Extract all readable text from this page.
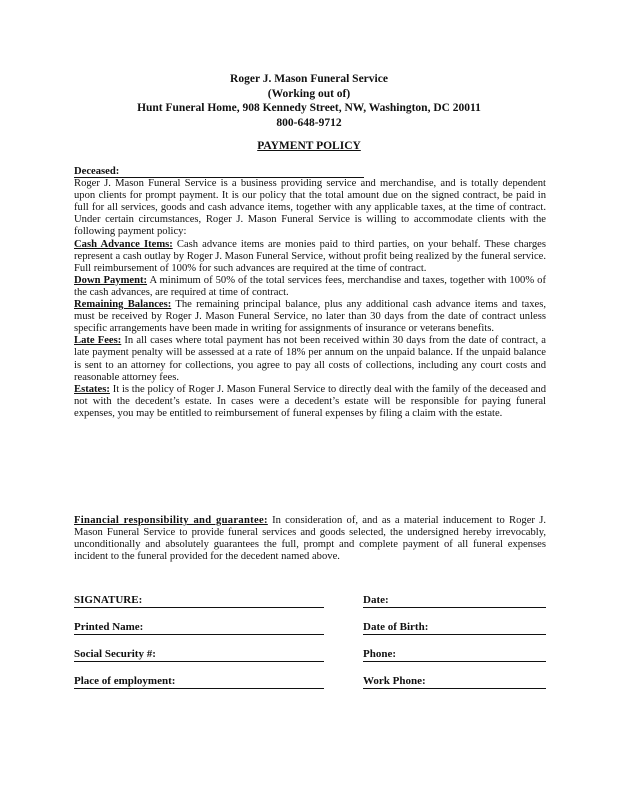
Roger J. Mason Funeral Service
(Working out of)
Hunt Funeral Home, 908 Kennedy Street, NW, Washington, DC 20011
800-648-9712
PAYMENT POLICY

Deceased:

Roger J. Mason Funeral Service is a business providing service and merchandise, and is totally dependent upon clients for prompt payment. It is our policy that the total amount due on the signed contract, be paid in full for all services, goods and cash advance items, together with any applicable taxes, at the time of contract. Under certain circumstances, Roger J. Mason Funeral Service is willing to accommodate clients with the following payment policy:

Cash Advance Items: Cash advance items are monies paid to third parties, on your behalf. These charges represent a cash outlay by Roger J. Mason Funeral Service, without profit being realized by the funeral service. Full reimbursement of 100% for such advances are required at the time of contract.

Down Payment: A minimum of 50% of the total services fees, merchandise and taxes, together with 100% of the cash advances, are required at time of contract.

Remaining Balances: The remaining principal balance, plus any additional cash advance items and taxes, must be received by Roger J. Mason Funeral Service, no later than 30 days from the date of contract unless specific arrangements have been made in writing for assignments of insurance or veterans benefits.

Late Fees: In all cases where total payment has not been received within 30 days from the date of contract, a late payment penalty will be assessed at a rate of 18% per annum on the unpaid balance. If the unpaid balance is sent to an attorney for collections, you agree to pay all costs of collections, including any court costs and reasonable attorney fees.

Estates: It is the policy of Roger J. Mason Funeral Service to directly deal with the family of the deceased and not with the decedent’s estate. In cases were a decedent’s estate will be responsible for paying funeral expenses, you may be entitled to reimbursement of funeral expenses by filing a claim with the estate.

Financial responsibility and guarantee: In consideration of, and as a material inducement to Roger J. Mason Funeral Service to provide funeral services and goods selected, the undersigned hereby irrevocably, unconditionally and absolutely guarantees the full, prompt and complete payment of all funeral expenses incident to the funeral provided for the decedent named above.
SIGNATURE:	Date:
Printed Name:	Date of Birth:
Social Security #:	Phone:
Place of employment:	Work Phone:
